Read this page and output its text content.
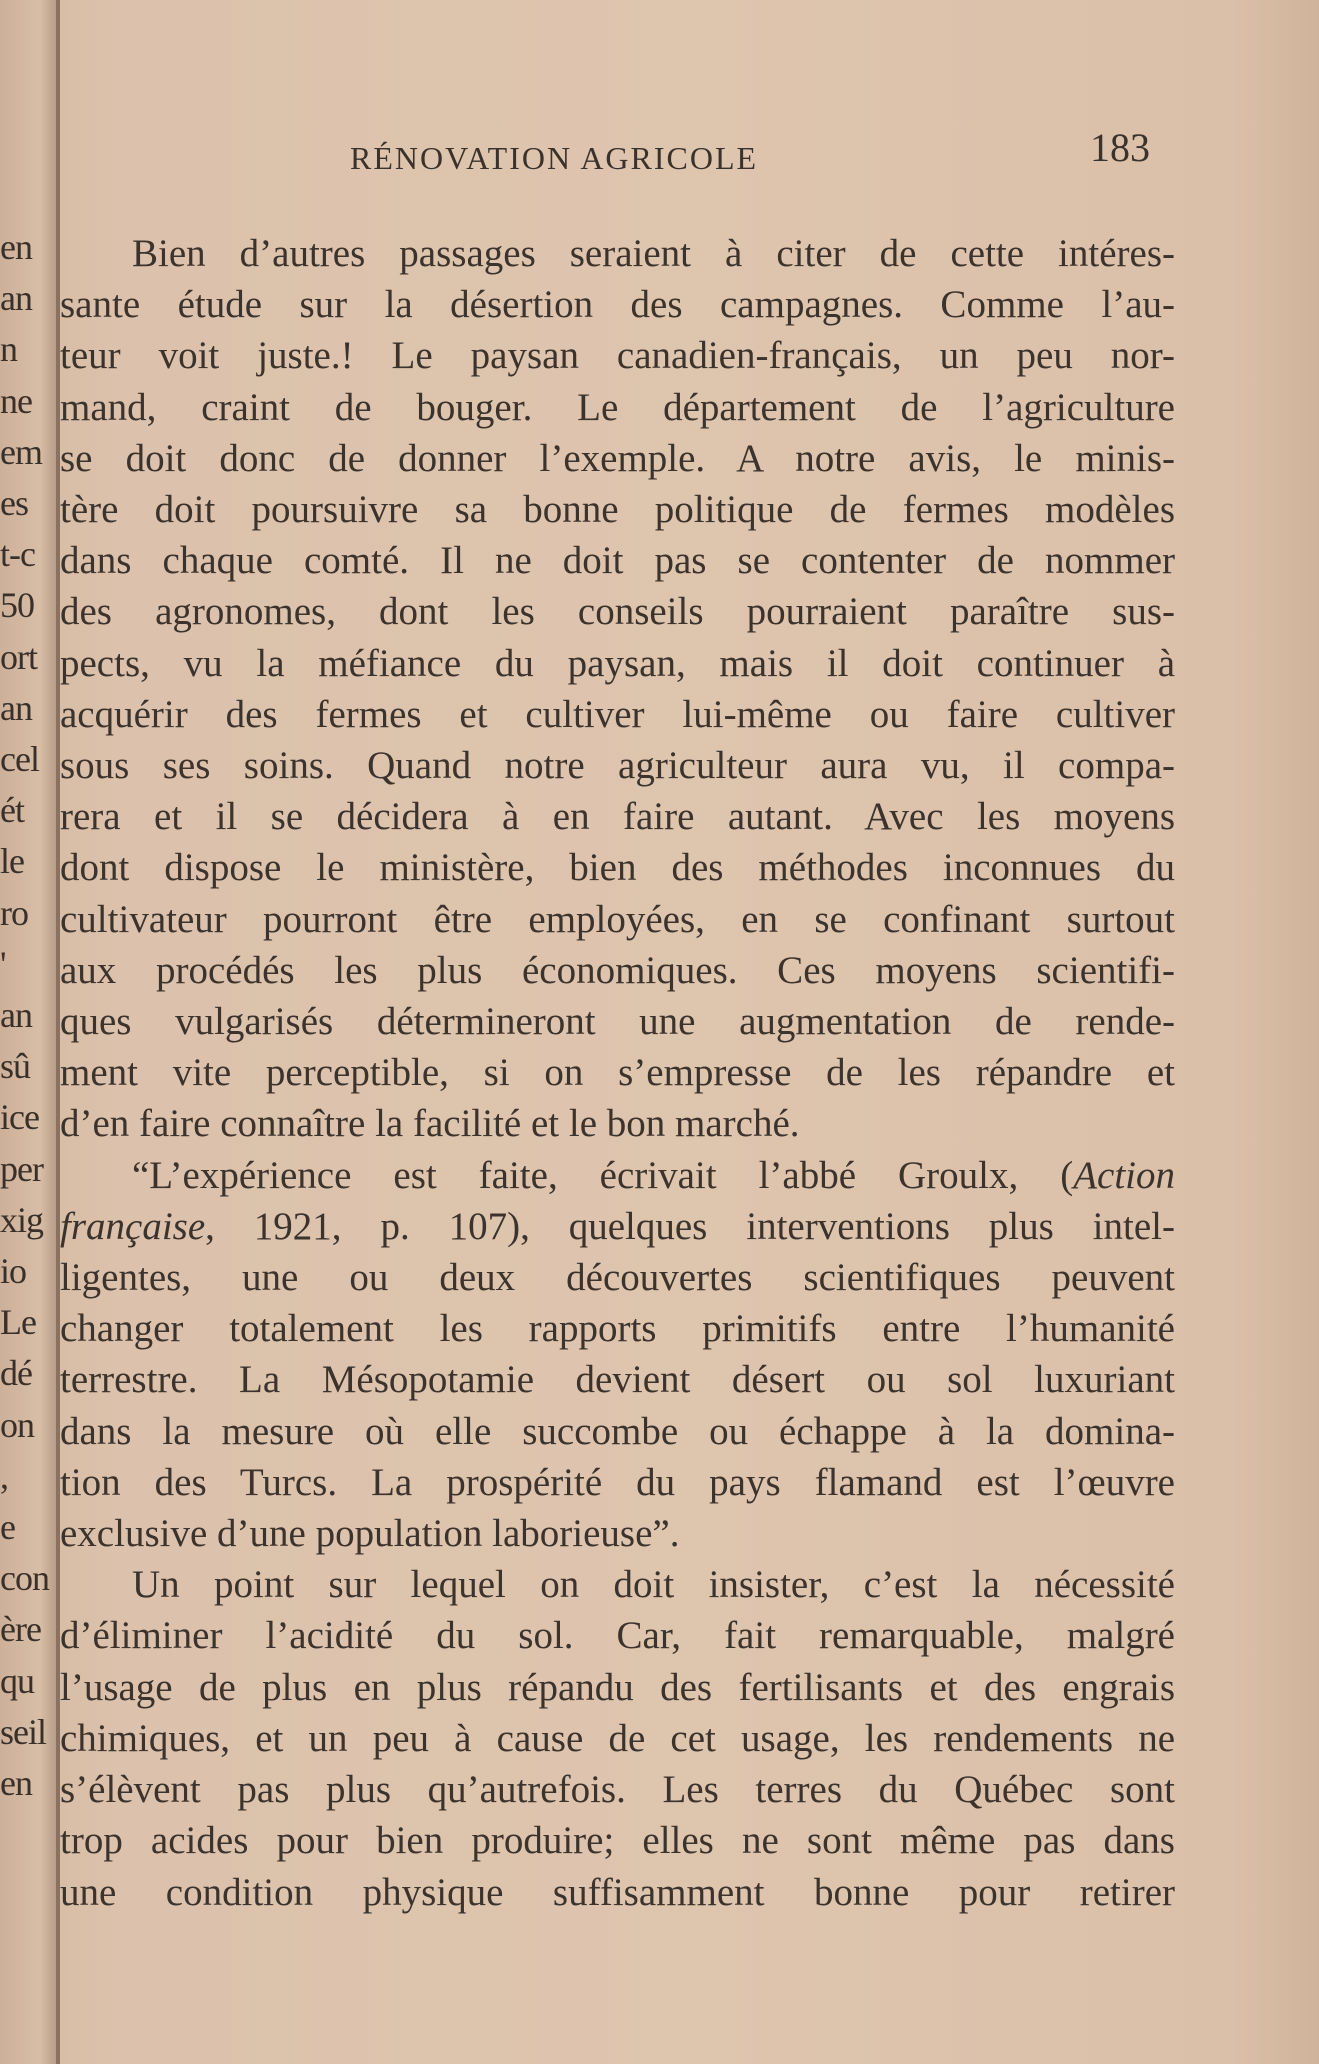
en
an
n
ne
em
es
t-c
50
ort
an
cel
ét
le
ro
'
an
sû
ice
per
xig
io
Le
dé
on
,
e
con
ère
qu
seil
en
RÉNOVATION AGRICOLE	183
Bien d’autres passages seraient à citer de cette intéres-
sante étude sur la désertion des campagnes. Comme l’au-
teur voit juste.! Le paysan canadien-français, un peu nor-
mand, craint de bouger. Le département de l’agriculture
se doit donc de donner l’exemple. A notre avis, le minis-
tère doit poursuivre sa bonne politique de fermes modèles
dans chaque comté. Il ne doit pas se contenter de nommer
des agronomes, dont les conseils pourraient paraître sus-
pects, vu la méfiance du paysan, mais il doit continuer à
acquérir des fermes et cultiver lui-même ou faire cultiver
sous ses soins. Quand notre agriculteur aura vu, il compa-
rera et il se décidera à en faire autant. Avec les moyens
dont dispose le ministère, bien des méthodes inconnues du
cultivateur pourront être employées, en se confinant surtout
aux procédés les plus économiques. Ces moyens scientifi-
ques vulgarisés détermineront une augmentation de rende-
ment vite perceptible, si on s’empresse de les répandre et
d’en faire connaître la facilité et le bon marché.
“L’expérience est faite, écrivait l’abbé Groulx, (Action
française, 1921, p. 107), quelques interventions plus intel-
ligentes, une ou deux découvertes scientifiques peuvent
changer totalement les rapports primitifs entre l’humanité
terrestre. La Mésopotamie devient désert ou sol luxuriant
dans la mesure où elle succombe ou échappe à la domina-
tion des Turcs. La prospérité du pays flamand est l’œuvre
exclusive d’une population laborieuse”.
Un point sur lequel on doit insister, c’est la nécessité
d’éliminer l’acidité du sol. Car, fait remarquable, malgré
l’usage de plus en plus répandu des fertilisants et des engrais
chimiques, et un peu à cause de cet usage, les rendements ne
s’élèvent pas plus qu’autrefois. Les terres du Québec sont
trop acides pour bien produire; elles ne sont même pas dans
une condition physique suffisamment bonne pour retirer
